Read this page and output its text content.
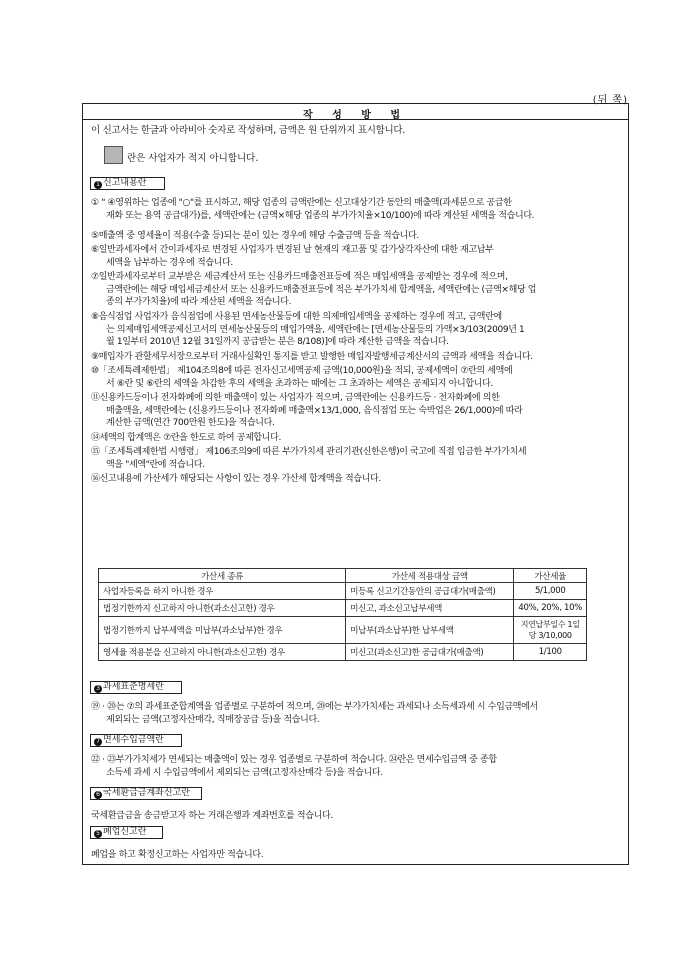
(뒤 쪽)
작 성 방 법
이 신고서는 한글과 아라비아 숫자로 작성하며, 금액은 원 단위까지 표시합니다.
란은 사업자가 적지 아니합니다.
1 신고내용란
① " ④영위하는 업종에 "○"를 표시하고, 해당 업종의 금액란에는 신고대상기간 동안의 매출액(과세분으로 공급한
재화 또는 용역 공급대가)를, 세액란에는 (금액×해당 업종의 부가가치율×10/100)에 따라 계산된 세액을 적습니다.
⑤매출액 중 영세율이 적용(수출 등)되는 분이 있는 경우에 해당 수출금액 등을 적습니다.
⑥일반과세자에서 간이과세자로 변경된 사업자가 변경된 날 현재의 재고품 및 감가상각자산에 대한 재고납부
세액을 납부하는 경우에 적습니다.
⑦일반과세자로부터 교부받은 세금계산서 또는 신용카드매출전표등에 적은 매입세액을 공제받는 경우에 적으며,
금액란에는 해당 매입세금계산서 또는 신용카드매출전표등에 적은 부가가치세 합계액을, 세액란에는 (금액×해당 업
종의 부가가치율)에 따라 계산된 세액을 적습니다.
⑧음식점업 사업자가 음식점업에 사용된 면세농산물등에 대한 의제매입세액을 공제하는 경우에 적고, 금액란에
는 의제매입세액공제신고서의 면세농산물등의 매입가액을, 세액란에는 [면세농산물등의 가액×3/103(2009년 1
월 1일부터 2010년 12월 31일까지 공급받는 분은 8/108)]에 따라 계산한 금액을 적습니다.
⑨매입자가 관할세무서장으로부터 거래사실확인 통지를 받고 발행한 매입자발행세금계산서의 금액과 세액을 적습니다.
⑩「조세특례제한법」 제104조의8에 따른 전자신고세액공제 금액(10,000원)을 적되, 공제세액이 ⑦란의 세액에
서 ⑥란 및 ⑥란의 세액을 차감한 후의 세액을 초과하는 때에는 그 초과하는 세액은 공제되지 아니합니다.
⑪신용카드등이나 전자화폐에 의한 매출액이 있는 사업자가 적으며, 금액란에는 신용카드등 · 전자화폐에 의한
매출액을, 세액란에는 (신용카드등이나 전자화폐 매출액×13/1,000, 음식점업 또는 숙박업은 26/1,000)에 따라
계산한 금액(연간 700만원 한도)을 적습니다.
⑭세액의 합계액은 ⑦란을 한도로 하여 공제합니다.
⑮「조세특례제한법 시행령」 제106조의9에 따른 부가가치세 관리기관(신한은행)이 국고에 직접 입금한 부가가치세
액을 "세액"란에 적습니다.
⑯신고내용에 가산세가 해당되는 사항이 있는 경우 가산세 합계액을 적습니다.
가산세 종류	가산세 적용대상 금액	가산세율
사업자등록을 하지 아니한 경우	미등록 신고기간동안의 공급대가(매출액)	5/1,000
법정기한까지 신고하지 아니한(과소신고한) 경우	미신고, 과소신고납부세액	40%, 20%, 10%
법정기한까지 납부세액을 미납부(과소납부)한 경우	미납부(과소납부)한 납부세액	지연납부일수 1일당 3/10,000
영세율 적용분을 신고하지 아니한(과소신고한) 경우	미신고(과소신고)한 공급대가(매출액)	1/100
3 과세표준명세란
⑲ · ⑳는 ⑦의 과세표준합계액을 업종별로 구분하여 적으며, ⑳에는 부가가치세는 과세되나 소득세과세 시 수입금액에서
제외되는 금액(고정자산매각, 직매장공급 등)을 적습니다.
7 면세수입금액란
㉒ · ㉓부가가치세가 면세되는 매출액이 있는 경우 업종별로 구분하여 적습니다. ㉔란은 면세수입금액 중 종합
소득세 과세 시 수입금액에서 제외되는 금액(고정자산매각 등)을 적습니다.
6 국세환급금계좌신고란
국세환급금을 송금받고자 하는 거래은행과 계좌번호를 적습니다.
5 폐업신고란
폐업을 하고 확정신고하는 사업자만 적습니다.
